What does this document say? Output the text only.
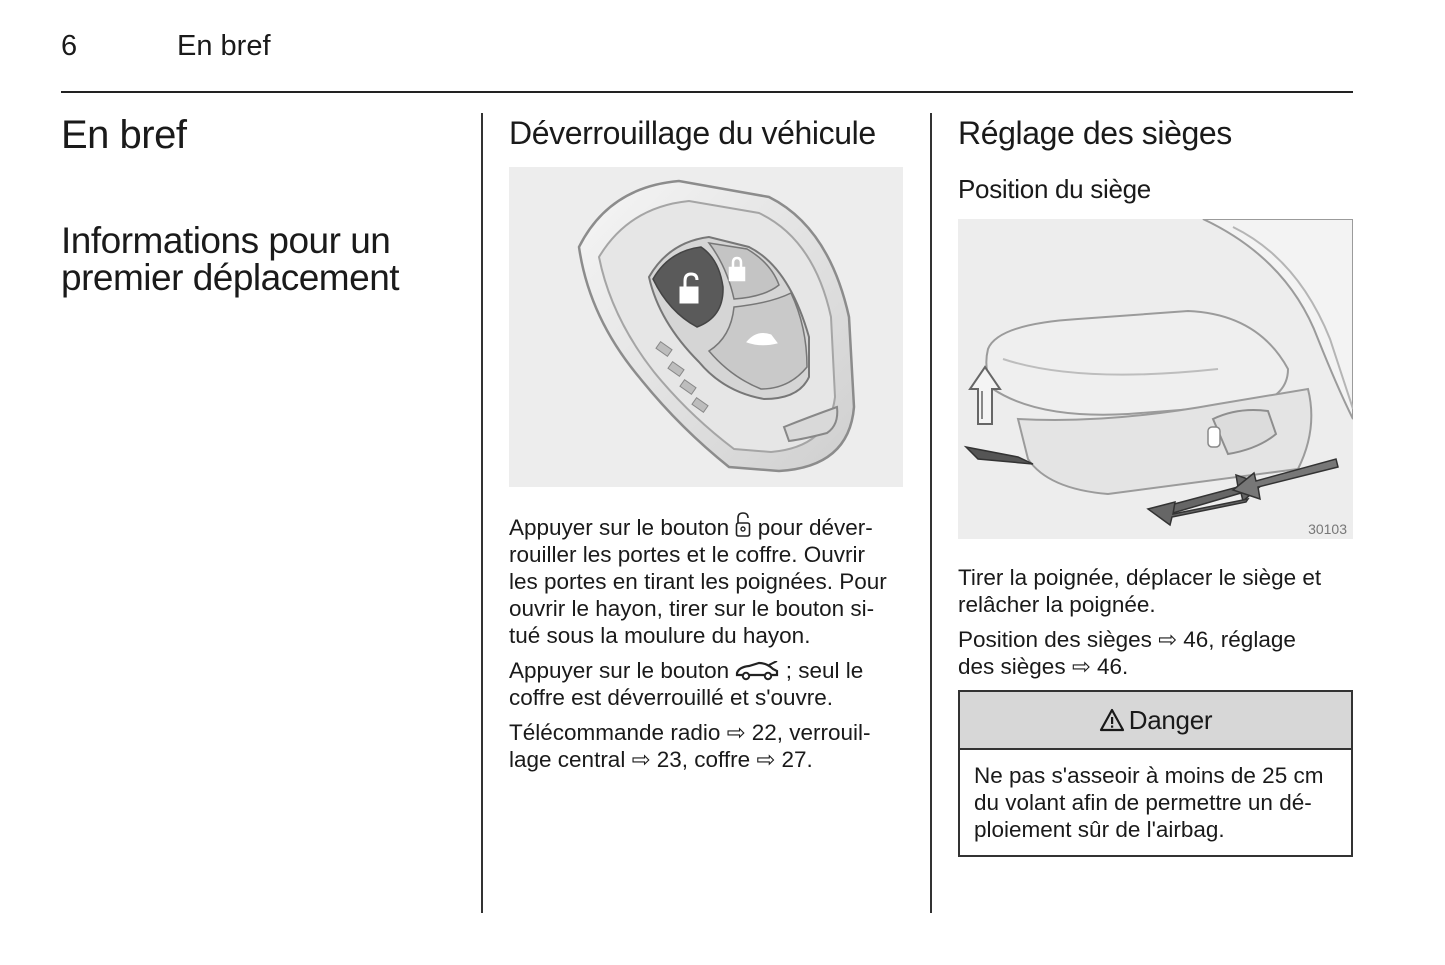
6	En bref
En bref
Informations pour un
premier déplacement
Déverrouillage du véhicule

Appuyer sur le bouton pour déver-
rouiller les portes et le coffre. Ouvrir
les portes en tirant les poignées. Pour
ouvrir le hayon, tirer sur le bouton si-
tué sous la moulure du hayon.

Appuyer sur le bouton	; seul le
coffre est déverrouillé et s'ouvre.

Télécommande radio ⇨ 22, verrouil-
lage central ⇨ 23, coffre ⇨ 27.

Réglage des sièges
Position du siège
30103

Tirer la poignée, déplacer le siège et
relâcher la poignée.

Position des sièges ⇨ 46, réglage
des sièges ⇨ 46.

Danger
Ne pas s'asseoir à moins de 25 cm
du volant afin de permettre un dé-
ploiement sûr de l'airbag.
